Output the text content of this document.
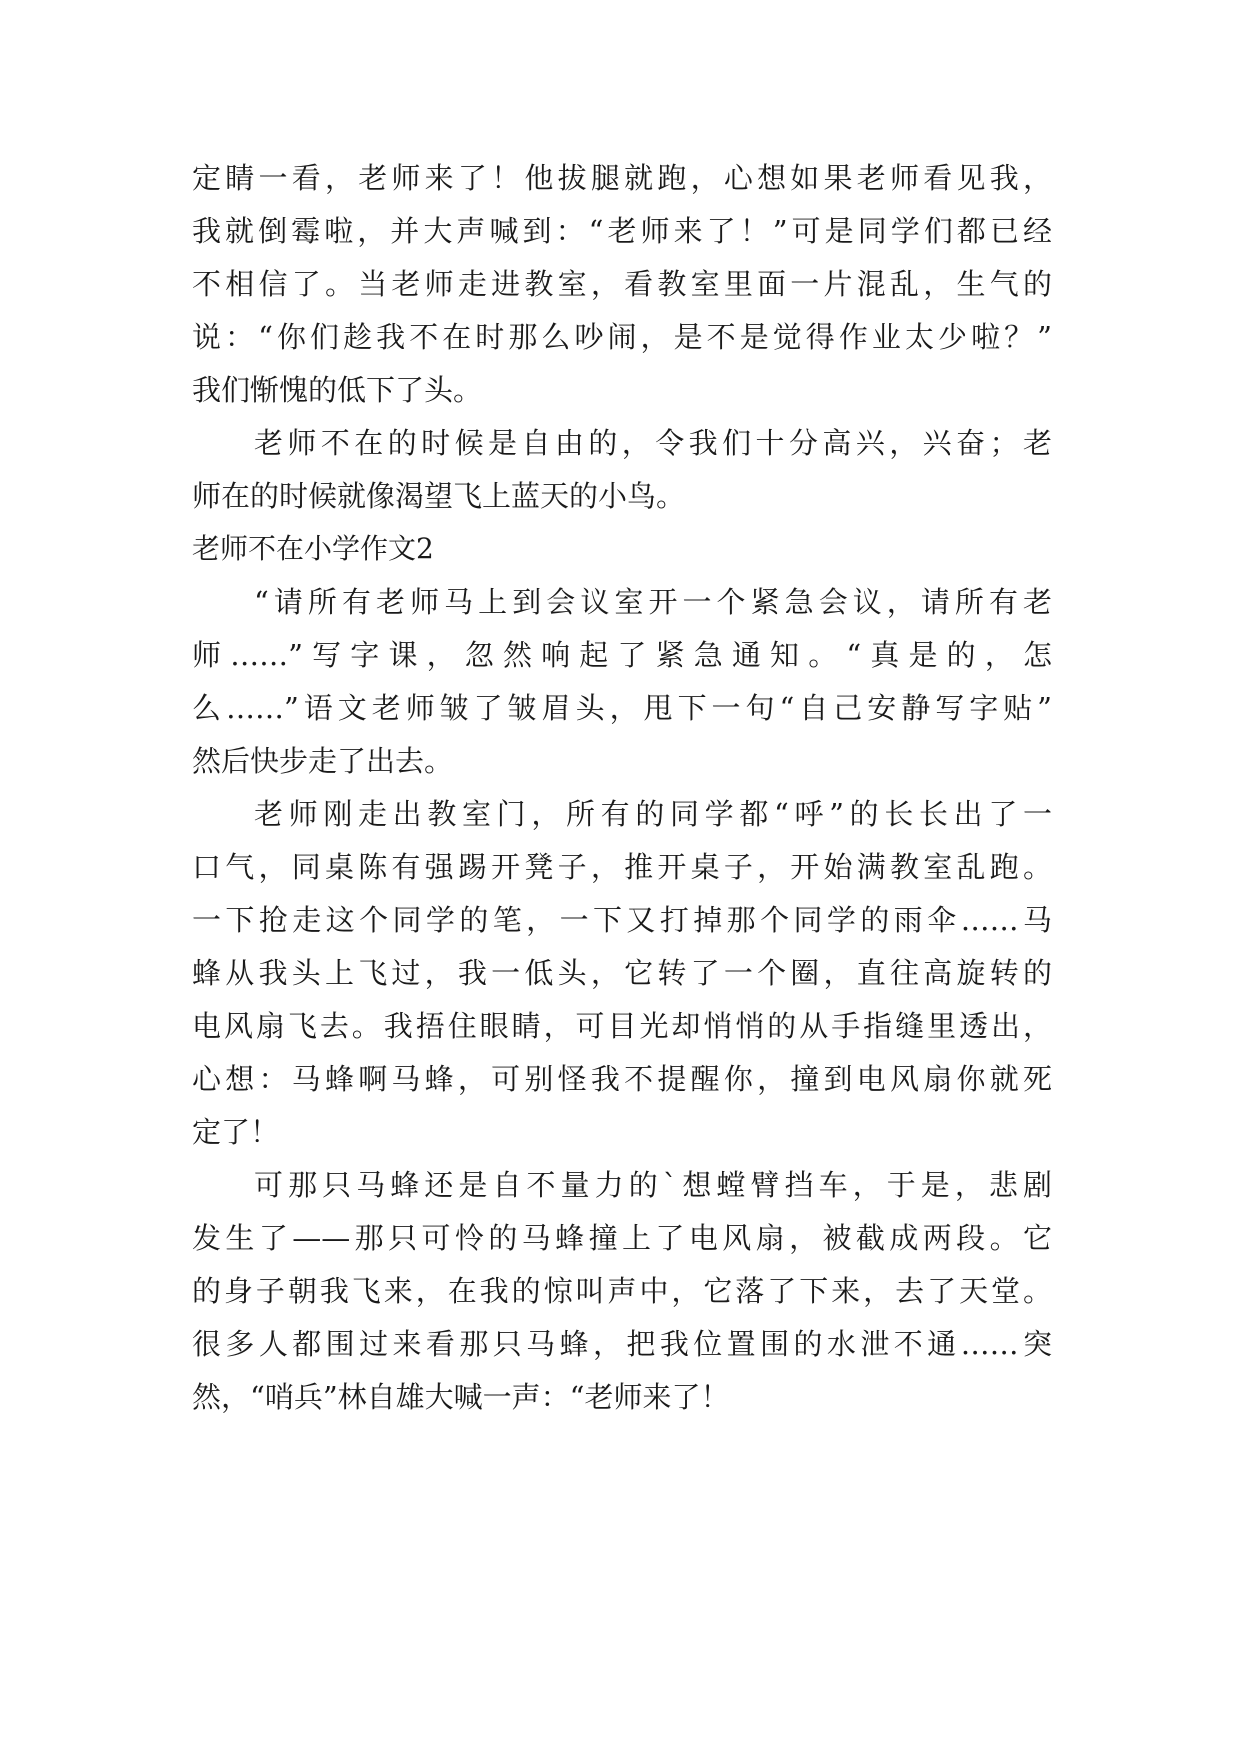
定睛一看，老师来了！他拔腿就跑，心想如果老师看见我，
我就倒霉啦，并大声喊到：“老师来了！”可是同学们都已经
不相信了。当老师走进教室，看教室里面一片混乱，生气的
说：“你们趁我不在时那么吵闹，是不是觉得作业太少啦？”
我们惭愧的低下了头。
老师不在的时候是自由的，令我们十分高兴，兴奋；老
师在的时候就像渴望飞上蓝天的小鸟。
老师不在小学作文2
“请所有老师马上到会议室开一个紧急会议，请所有老
师……”写字课，忽然响起了紧急通知。“真是的，怎
么……”语文老师皱了皱眉头，甩下一句“自己安静写字贴”
然后快步走了出去。
老师刚走出教室门，所有的同学都“呼”的长长出了一
口气，同桌陈有强踢开凳子，推开桌子，开始满教室乱跑。
一下抢走这个同学的笔，一下又打掉那个同学的雨伞……马
蜂从我头上飞过，我一低头，它转了一个圈，直往高旋转的
电风扇飞去。我捂住眼睛，可目光却悄悄的从手指缝里透出，
心想：马蜂啊马蜂，可别怪我不提醒你，撞到电风扇你就死
定了！
可那只马蜂还是自不量力的`想螳臂挡车，于是，悲剧
发生了——那只可怜的马蜂撞上了电风扇，被截成两段。它
的身子朝我飞来，在我的惊叫声中，它落了下来，去了天堂。
很多人都围过来看那只马蜂，把我位置围的水泄不通……突
然，“哨兵”林自雄大喊一声：“老师来了！
